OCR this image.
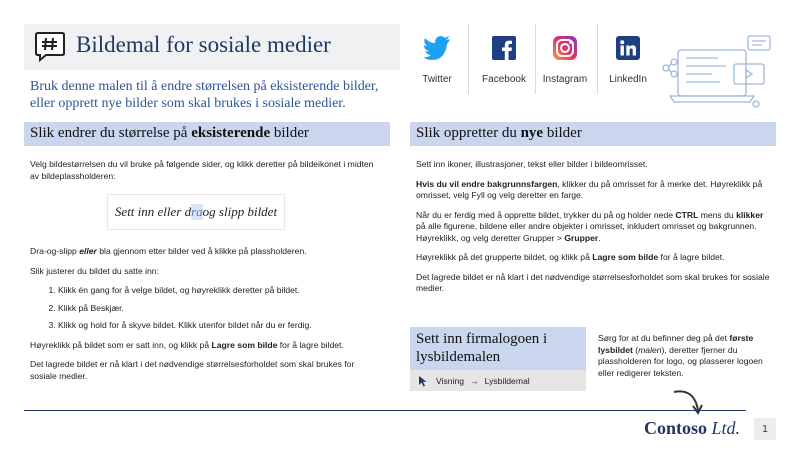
Bildemal for sosiale medier
Bruk denne malen til å endre størrelsen på eksisterende bilder, eller opprett nye bilder som skal brukes i sosiale medier.
Twitter	Facebook	Instagram	LinkedIn
Slik endrer du størrelse på eksisterende bilder

Velg bildestørrelsen du vil bruke på følgende sider, og klikk deretter på bildeikonet i midten av bildeplassholderen:

Sett inn eller d ra og slipp bildet

Dra-og-slipp eller bla gjennom etter bilder ved å klikke på plassholderen.

Slik justerer du bildet du satte inn:

1. Klikk én gang for å velge bildet, og høyreklikk deretter på bildet.
2. Klikk på Beskjær.
3. Klikk og hold for å skyve bildet. Klikk utenfor bildet når du er ferdig.

Høyreklikk på bildet som er satt inn, og klikk på Lagre som bilde for å lagre bildet.

Det lagrede bildet er nå klart i det nødvendige størrelsesforholdet som skal brukes for sosiale medier.

Slik oppretter du nye bilder

Sett inn ikoner, illustrasjoner, tekst eller bilder i bildeomrisset.

Hvis du vil endre bakgrunnsfargen, klikker du på omrisset for å merke det. Høyreklikk på omrisset, velg Fyll og velg deretter en farge.

Når du er ferdig med å opprette bildet, trykker du på og holder nede CTRL mens du klikker på alle figurene, bildene eller andre objekter i omrisset, inkludert omrisset og bakgrunnen. Høyreklikk, og velg deretter Grupper > Grupper.

Høyreklikk på det grupperte bildet, og klikk på Lagre som bilde for å lagre bildet.

Det lagrede bildet er nå klart i det nødvendige størrelsesforholdet som skal brukes for sosiale medier.

Sett inn firmalogoen i lysbildemalen
Visning → Lysbildemal

Sørg for at du befinner deg på det første lysbildet (malen), deretter fjerner du plassholderen for logo, og plasserer logoen eller redigerer teksten.

Contoso Ltd.	1
